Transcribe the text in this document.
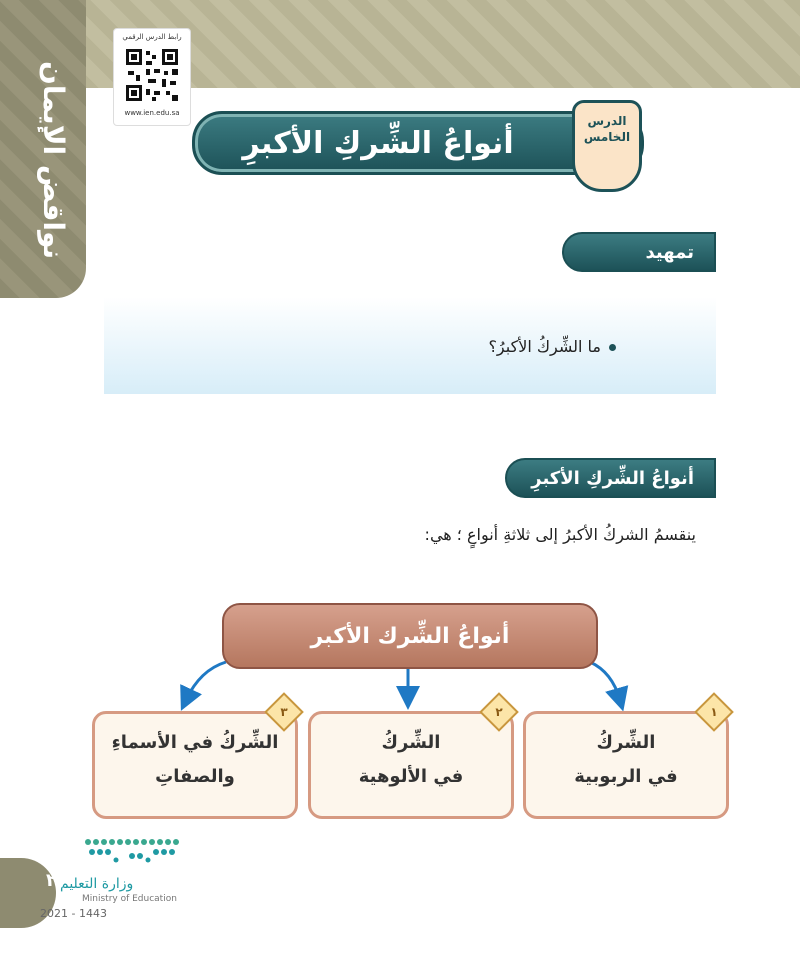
نواقض الإيمان
رابط الدرس الرقمي
www.ien.edu.sa
أنواعُ الشِّركِ الأكبرِ
الدرس
الخامس
تمهيد
ما الشِّركُ الأكبرُ؟
أنواعُ الشِّركِ الأكبرِ
ينقسمُ الشركُ الأكبرُ إلى ثلاثةِ أنواعٍ ؛ هي:
أنواعُ الشِّرك الأكبر
الشِّركُ
في الربوبية
١
الشِّركُ
في الألوهية
٢
الشِّركُ في الأسماءِ
والصفاتِ
٣
٢٥
وزارة التعليم
Ministry of Education
2021 - 1443
